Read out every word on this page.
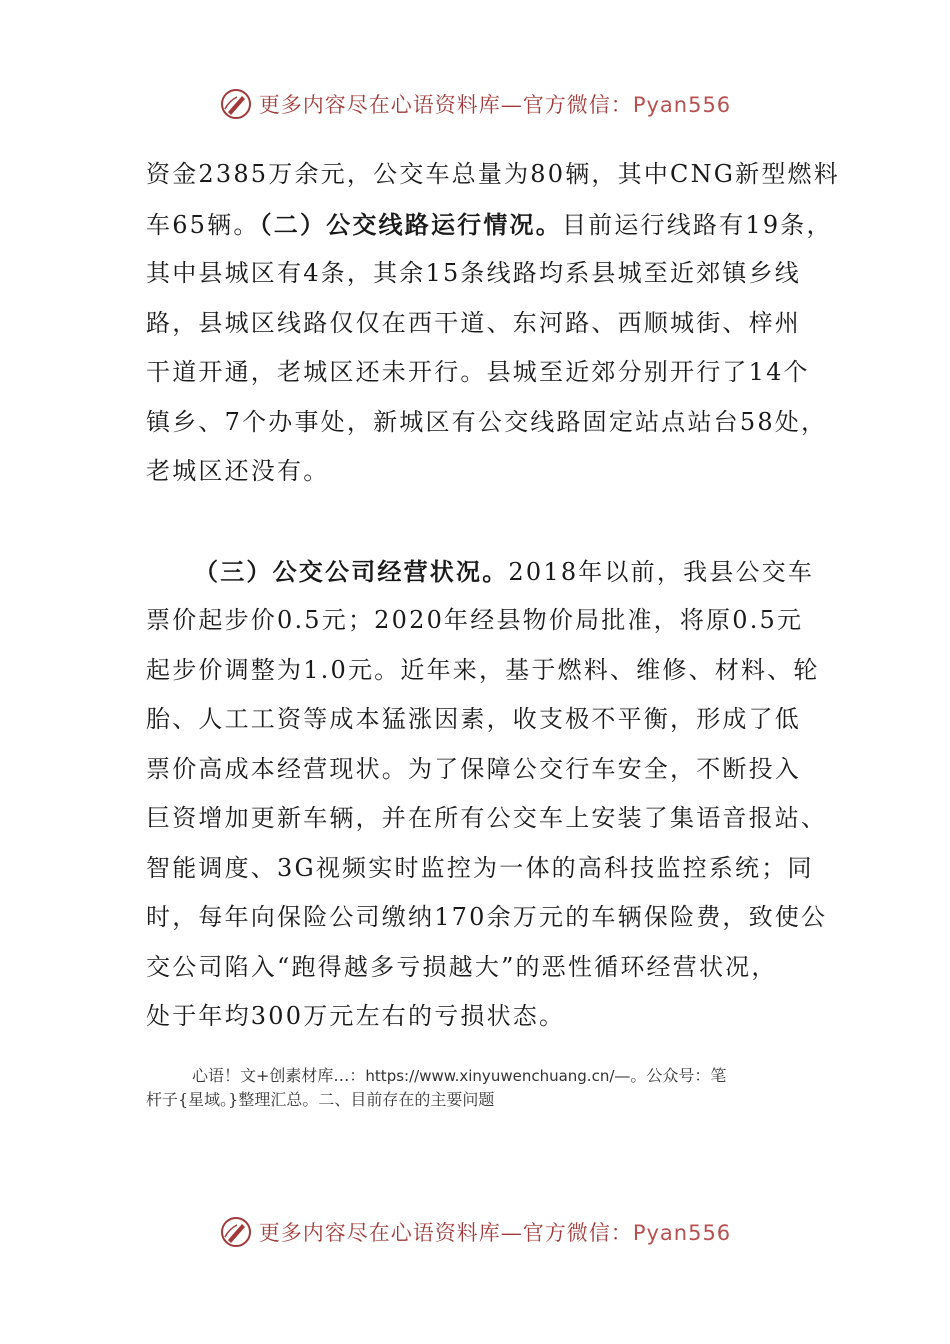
更多内容尽在心语资料库—官方微信：Pyan556
资金2385万余元，公交车总量为80辆，其中CNG新型燃料
车65辆。（二）公交线路运行情况。目前运行线路有19条，
其中县城区有4条，其余15条线路均系县城至近郊镇乡线
路，县城区线路仅仅在西干道、东河路、西顺城街、梓州
干道开通，老城区还未开行。县城至近郊分别开行了14个
镇乡、7个办事处，新城区有公交线路固定站点站台58处，
老城区还没有。
（三）公交公司经营状况。2018年以前，我县公交车
票价起步价0.5元；2020年经县物价局批准，将原0.5元
起步价调整为1.0元。近年来，基于燃料、维修、材料、轮
胎、人工工资等成本猛涨因素，收支极不平衡，形成了低
票价高成本经营现状。为了保障公交行车安全，不断投入
巨资增加更新车辆，并在所有公交车上安装了集语音报站、
智能调度、3G视频实时监控为一体的高科技监控系统；同
时，每年向保险公司缴纳170余万元的车辆保险费，致使公
交公司陷入“跑得越多亏损越大”的恶性循环经营状况，
处于年均300万元左右的亏损状态。
心语！文+创素材库…：https://www.xinyuwenchuang.cn/—。公众号：笔
杆子{星域。}整理汇总。二、目前存在的主要问题
更多内容尽在心语资料库—官方微信：Pyan556
